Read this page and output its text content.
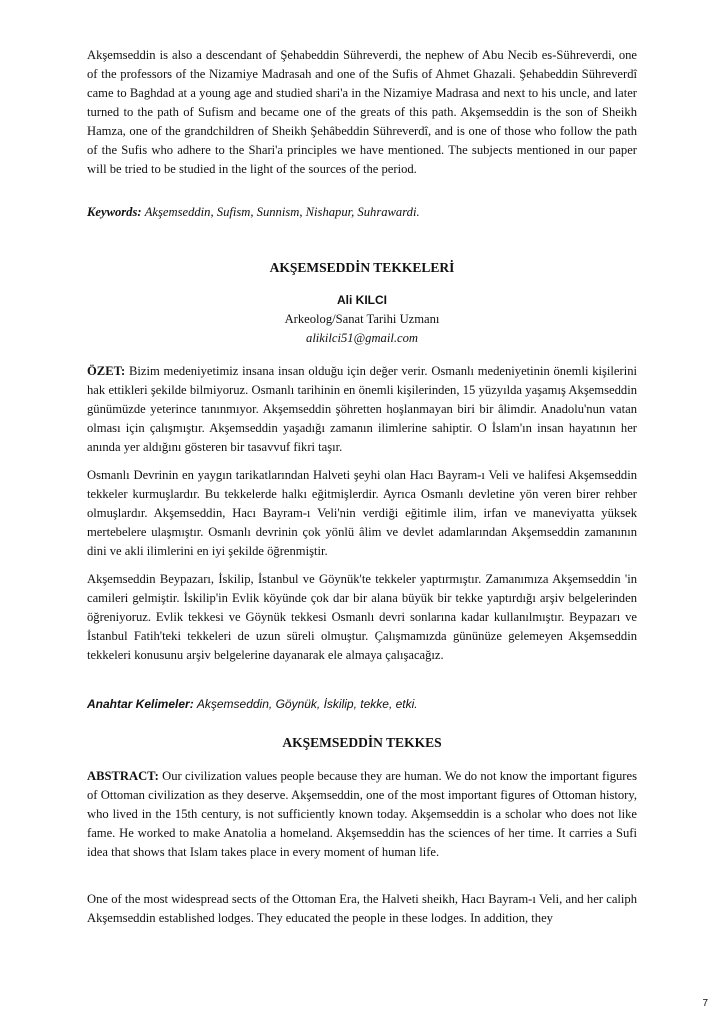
Akşemseddin is also a descendant of Şehabeddin Sühreverdi, the nephew of Abu Necib es-Sühreverdi, one of the professors of the Nizamiye Madrasah and one of the Sufis of Ahmet Ghazali. Şehabeddin Sühreverdî came to Baghdad at a young age and studied shari'a in the Nizamiye Madrasa and next to his uncle, and later turned to the path of Sufism and became one of the greats of this path. Akşemseddin is the son of Sheikh Hamza, one of the grandchildren of Sheikh Şehâbeddin Sühreverdî, and is one of those who follow the path of the Sufis who adhere to the Shari'a principles we have mentioned. The subjects mentioned in our paper will be tried to be studied in the light of the sources of the period.

Keywords: Akşemseddin, Sufism, Sunnism, Nishapur, Suhrawardi.

AKŞEMSEDDİN TEKKELERİ

Ali KILCI

Arkeolog/Sanat Tarihi Uzmanı

alikilci51@gmail.com

ÖZET: Bizim medeniyetimiz insana insan olduğu için değer verir. Osmanlı medeniyetinin önemli kişilerini hak ettikleri şekilde bilmiyoruz. Osmanlı tarihinin en önemli kişilerinden, 15 yüzyılda yaşamış Akşemseddin günümüzde yeterince tanınmıyor. Akşemseddin şöhretten hoşlanmayan biri bir âlimdir. Anadolu'nun vatan olması için çalışmıştır. Akşemseddin yaşadığı zamanın ilimlerine sahiptir. O İslam'ın insan hayatının her anında yer aldığını gösteren bir tasavvuf fikri taşır.

Osmanlı Devrinin en yaygın tarikatlarından Halveti şeyhi olan Hacı Bayram-ı Veli ve halifesi Akşemseddin tekkeler kurmuşlardır. Bu tekkelerde halkı eğitmişlerdir. Ayrıca Osmanlı devletine yön veren birer rehber olmuşlardır. Akşemseddin, Hacı Bayram-ı Veli'nin verdiği eğitimle ilim, irfan ve maneviyatta yüksek mertebelere ulaşmıştır. Osmanlı devrinin çok yönlü âlim ve devlet adamlarından Akşemseddin zamanının dini ve akli ilimlerini en iyi şekilde öğrenmiştir.

Akşemseddin Beypazarı, İskilip, İstanbul ve Göynük'te tekkeler yaptırmıştır. Zamanımıza Akşemseddin 'in camileri gelmiştir. İskilip'in Evlik köyünde çok dar bir alana büyük bir tekke yaptırdığı arşiv belgelerinden öğreniyoruz. Evlik tekkesi ve Göynük tekkesi Osmanlı devri sonlarına kadar kullanılmıştır. Beypazarı ve İstanbul Fatih'teki tekkeleri de uzun süreli olmuştur. Çalışmamızda gününüze gelemeyen Akşemseddin tekkeleri konusunu arşiv belgelerine dayanarak ele almaya çalışacağız.

Anahtar Kelimeler: Akşemseddin, Göynük, İskilip, tekke, etki.

AKŞEMSEDDİN TEKKES

ABSTRACT: Our civilization values people because they are human. We do not know the important figures of Ottoman civilization as they deserve. Akşemseddin, one of the most important figures of Ottoman history, who lived in the 15th century, is not sufficiently known today. Akşemseddin is a scholar who does not like fame. He worked to make Anatolia a homeland. Akşemseddin has the sciences of her time. It carries a Sufi idea that shows that Islam takes place in every moment of human life.

One of the most widespread sects of the Ottoman Era, the Halveti sheikh, Hacı Bayram-ı Veli, and her caliph Akşemseddin established lodges. They educated the people in these lodges. In addition, they

7
